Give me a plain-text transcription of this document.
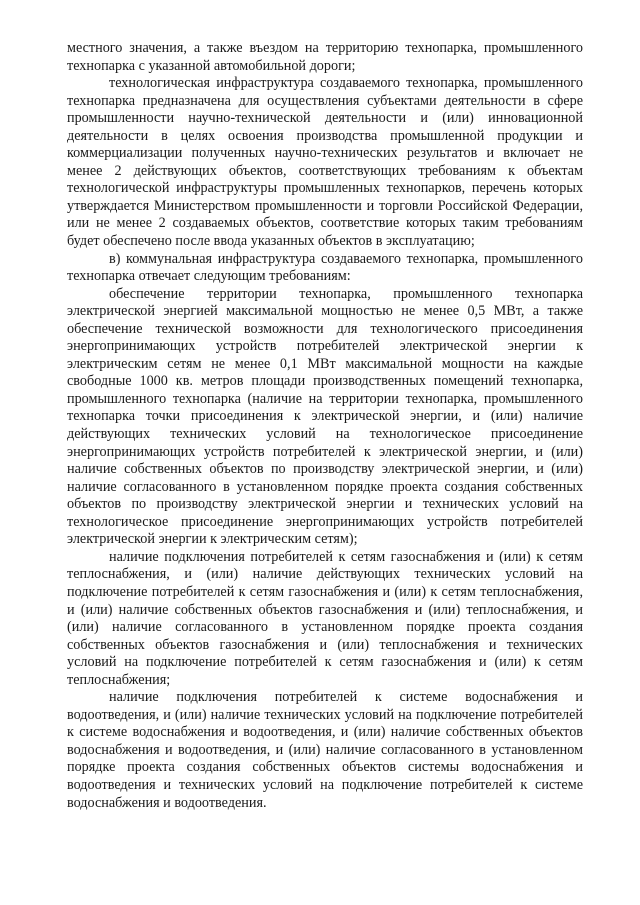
местного значения, а также въездом на территорию технопарка, промышленного технопарка с указанной автомобильной дороги;

технологическая инфраструктура создаваемого технопарка, промышленного технопарка предназначена для осуществления субъектами деятельности в сфере промышленности научно-технической деятельности и (или) инновационной деятельности в целях освоения производства промышленной продукции и коммерциализации полученных научно-технических результатов и включает не менее 2 действующих объектов, соответствующих требованиям к объектам технологической инфраструктуры промышленных технопарков, перечень которых утверждается Министерством промышленности и торговли Российской Федерации, или не менее 2 создаваемых объектов, соответствие которых таким требованиям будет обеспечено после ввода указанных объектов в эксплуатацию;

в) коммунальная инфраструктура создаваемого технопарка, промышленного технопарка отвечает следующим требованиям:

обеспечение территории технопарка, промышленного технопарка электрической энергией максимальной мощностью не менее 0,5 МВт, а также обеспечение технической возможности для технологического присоединения энергопринимающих устройств потребителей электрической энергии к электрическим сетям не менее 0,1 МВт максимальной мощности на каждые свободные 1000 кв. метров площади производственных помещений технопарка, промышленного технопарка (наличие на территории технопарка, промышленного технопарка точки присоединения к электрической энергии, и (или) наличие действующих технических условий на технологическое присоединение энергопринимающих устройств потребителей к электрической энергии, и (или) наличие собственных объектов по производству электрической энергии, и (или) наличие согласованного в установленном порядке проекта создания собственных объектов по производству электрической энергии и технических условий на технологическое присоединение энергопринимающих устройств потребителей электрической энергии к электрическим сетям);

наличие подключения потребителей к сетям газоснабжения и (или) к сетям теплоснабжения, и (или) наличие действующих технических условий на подключение потребителей к сетям газоснабжения и (или) к сетям теплоснабжения, и (или) наличие собственных объектов газоснабжения и (или) теплоснабжения, и (или) наличие согласованного в установленном порядке проекта создания собственных объектов газоснабжения и (или) теплоснабжения и технических условий на подключение потребителей к сетям газоснабжения и (или) к сетям теплоснабжения;

наличие подключения потребителей к системе водоснабжения и водоотведения, и (или) наличие технических условий на подключение потребителей к системе водоснабжения и водоотведения, и (или) наличие собственных объектов водоснабжения и водоотведения, и (или) наличие согласованного в установленном порядке проекта создания собственных объектов системы водоснабжения и водоотведения и технических условий на подключение потребителей к системе водоснабжения и водоотведения.
